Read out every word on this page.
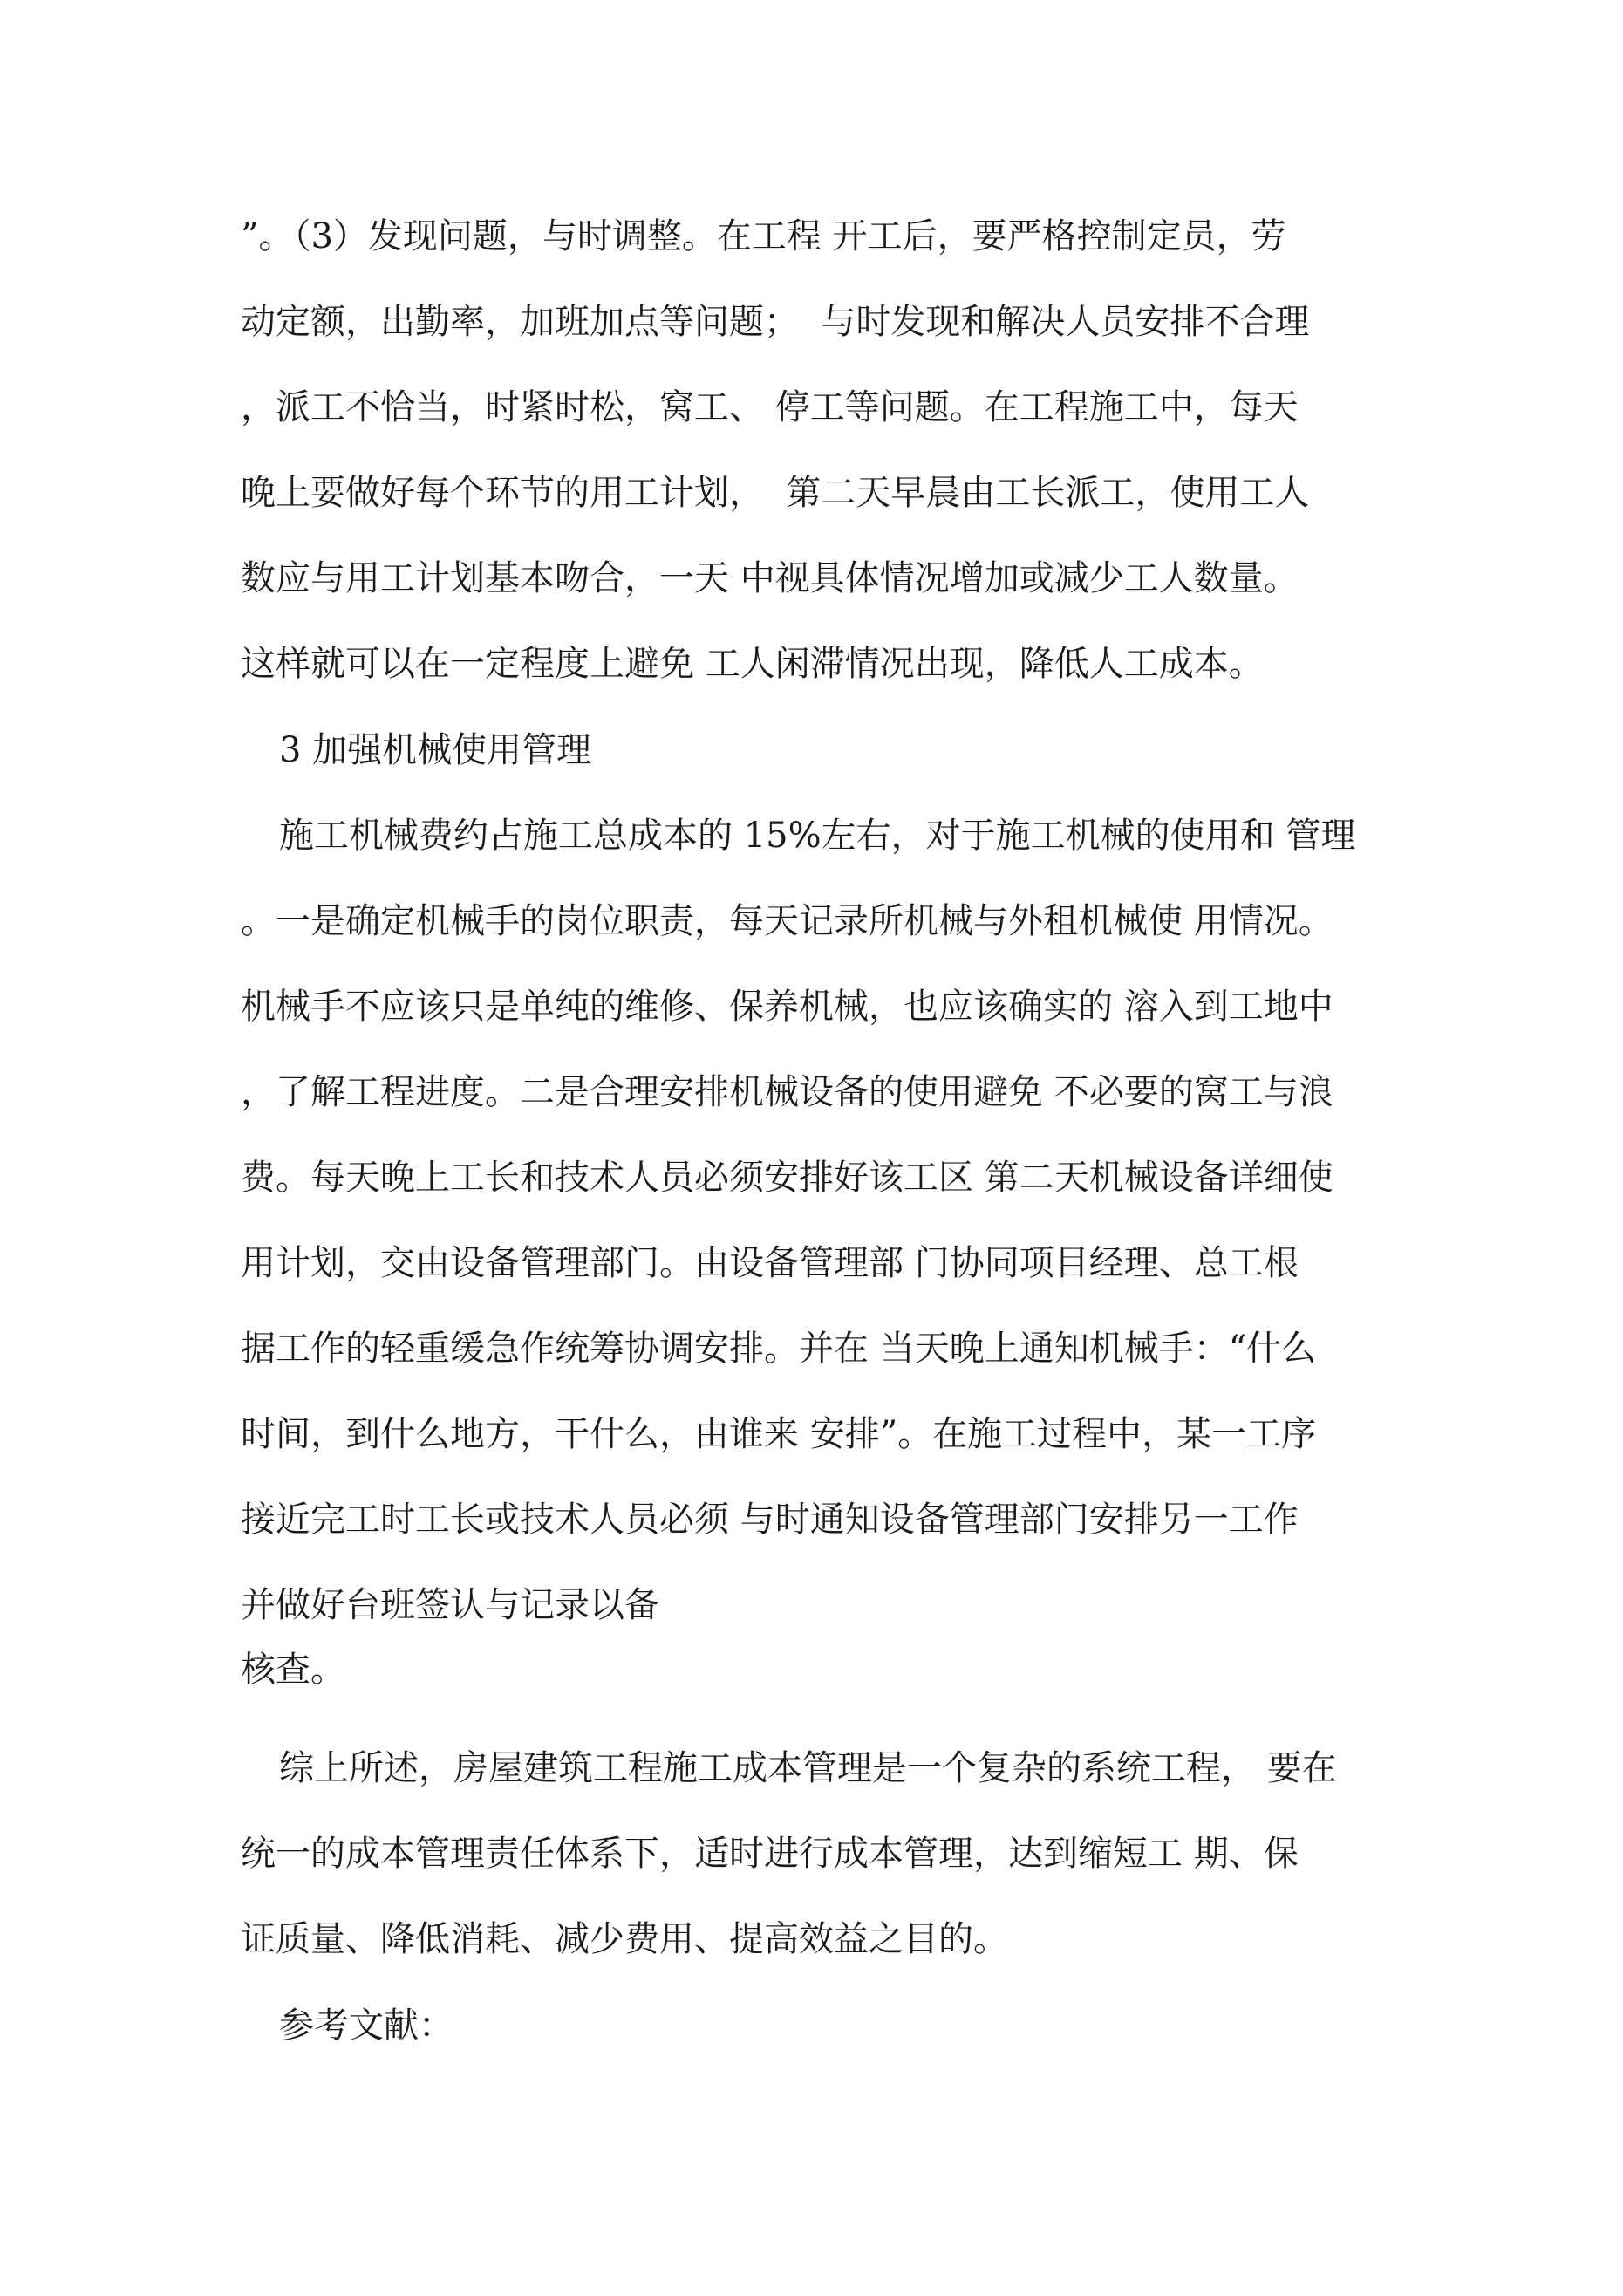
”。（3）发现问题，与时调整。在工程 开工后，要严格控制定员，劳
动定额，出勤率，加班加点等问题；  与时发现和解决人员安排不合理
，派工不恰当，时紧时松，窝工、 停工等问题。在工程施工中，每天
晚上要做好每个环节的用工计划，  第二天早晨由工长派工，使用工人
数应与用工计划基本吻合，一天 中视具体情况增加或减少工人数量。
这样就可以在一定程度上避免 工人闲滞情况出现，降低人工成本。
3 加强机械使用管理
施工机械费约占施工总成本的 15%左右，对于施工机械的使用和 管理
。一是确定机械手的岗位职责，每天记录所机械与外租机械使 用情况。
机械手不应该只是单纯的维修、保养机械，也应该确实的 溶入到工地中
，了解工程进度。二是合理安排机械设备的使用避免 不必要的窝工与浪
费。每天晚上工长和技术人员必须安排好该工区 第二天机械设备详细使
用计划，交由设备管理部门。由设备管理部 门协同项目经理、总工根
据工作的轻重缓急作统筹协调安排。并在 当天晚上通知机械手：“什么
时间，到什么地方，干什么，由谁来 安排”。在施工过程中，某一工序
接近完工时工长或技术人员必须 与时通知设备管理部门安排另一工作
并做好台班签认与记录以备
核查。
综上所述，房屋建筑工程施工成本管理是一个复杂的系统工程， 要在
统一的成本管理责任体系下，适时进行成本管理，达到缩短工 期、保
证质量、降低消耗、减少费用、提高效益之目的。
参考文献：
